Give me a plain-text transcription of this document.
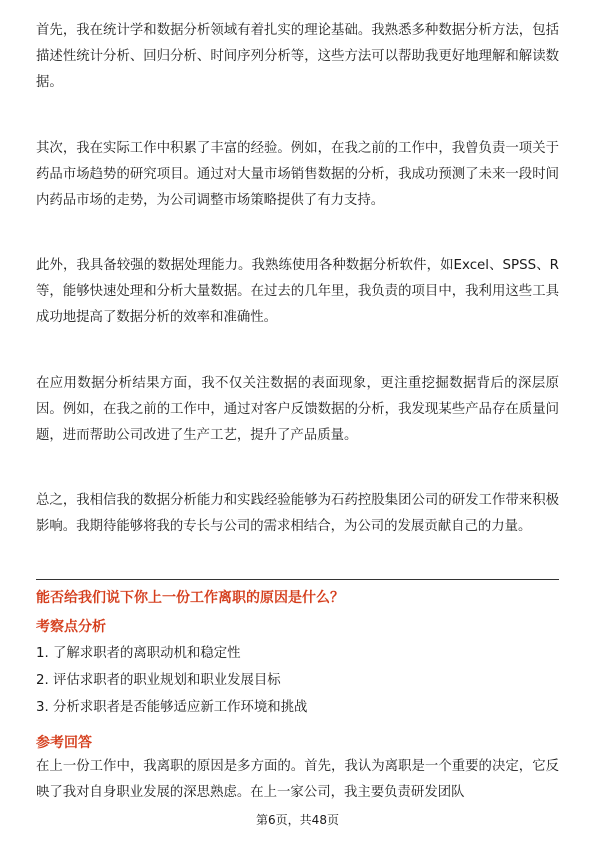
首先，我在统计学和数据分析领域有着扎实的理论基础。我熟悉多种数据分析方法，包括描述性统计分析、回归分析、时间序列分析等，这些方法可以帮助我更好地理解和解读数据。

其次，我在实际工作中积累了丰富的经验。例如，在我之前的工作中，我曾负责一项关于药品市场趋势的研究项目。通过对大量市场销售数据的分析，我成功预测了未来一段时间内药品市场的走势，为公司调整市场策略提供了有力支持。

此外，我具备较强的数据处理能力。我熟练使用各种数据分析软件，如Excel、SPSS、R等，能够快速处理和分析大量数据。在过去的几年里，我负责的项目中，我利用这些工具成功地提高了数据分析的效率和准确性。

在应用数据分析结果方面，我不仅关注数据的表面现象，更注重挖掘数据背后的深层原因。例如，在我之前的工作中，通过对客户反馈数据的分析，我发现某些产品存在质量问题，进而帮助公司改进了生产工艺，提升了产品质量。

总之，我相信我的数据分析能力和实践经验能够为石药控股集团公司的研发工作带来积极影响。我期待能够将我的专长与公司的需求相结合，为公司的发展贡献自己的力量。

能否给我们说下你上一份工作离职的原因是什么？

考察点分析

1. 了解求职者的离职动机和稳定性
2. 评估求职者的职业规划和职业发展目标
3. 分析求职者是否能够适应新工作环境和挑战

参考回答

在上一份工作中，我离职的原因是多方面的。首先，我认为离职是一个重要的决定，它反映了我对自身职业发展的深思熟虑。在上一家公司，我主要负责研发团队

第6页，共48页
